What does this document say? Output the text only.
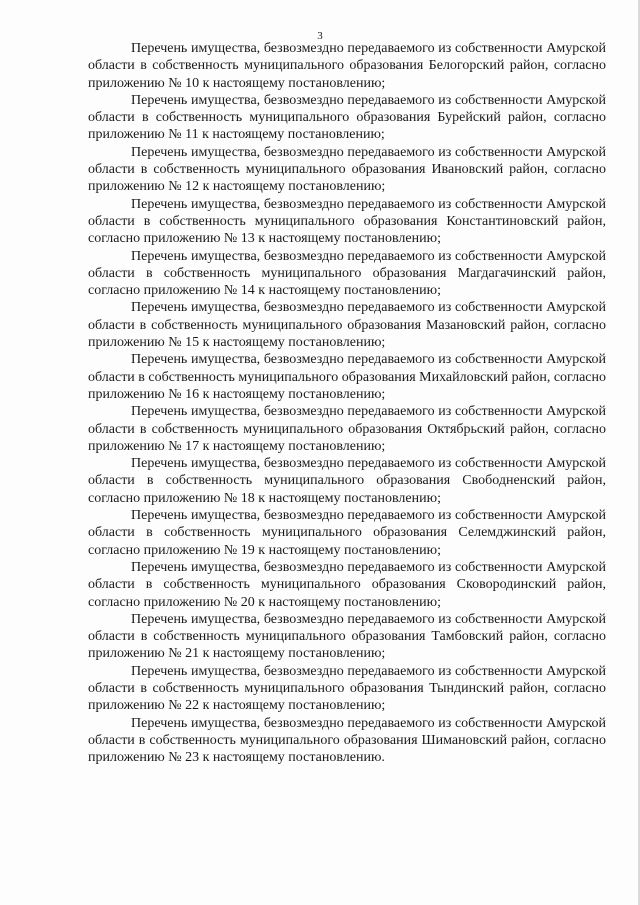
3

Перечень имущества, безвозмездно передаваемого из собственности Амурской области в собственность муниципального образования Белогорский район, согласно приложению № 10 к настоящему постановлению;

Перечень имущества, безвозмездно передаваемого из собственности Амурской области в собственность муниципального образования Бурейский район, согласно приложению № 11 к настоящему постановлению;

Перечень имущества, безвозмездно передаваемого из собственности Амурской области в собственность муниципального образования Ивановский район, согласно приложению № 12 к настоящему постановлению;

Перечень имущества, безвозмездно передаваемого из собственности Амурской области в собственность муниципального образования Константиновский район, согласно приложению № 13 к настоящему постановлению;

Перечень имущества, безвозмездно передаваемого из собственности Амурской области в собственность муниципального образования Магдагачинский район, согласно приложению № 14 к настоящему постановлению;

Перечень имущества, безвозмездно передаваемого из собственности Амурской области в собственность муниципального образования Мазановский район, согласно приложению № 15 к настоящему постановлению;

Перечень имущества, безвозмездно передаваемого из собственности Амурской области в собственность муниципального образования Михайловский район, согласно приложению № 16 к настоящему постановлению;

Перечень имущества, безвозмездно передаваемого из собственности Амурской области в собственность муниципального образования Октябрьский район, согласно приложению № 17 к настоящему постановлению;

Перечень имущества, безвозмездно передаваемого из собственности Амурской области в собственность муниципального образования Свободненский район, согласно приложению № 18 к настоящему постановлению;

Перечень имущества, безвозмездно передаваемого из собственности Амурской области в собственность муниципального образования Селемджинский район, согласно приложению № 19 к настоящему постановлению;

Перечень имущества, безвозмездно передаваемого из собственности Амурской области в собственность муниципального образования Сковородинский район, согласно приложению № 20 к настоящему постановлению;

Перечень имущества, безвозмездно передаваемого из собственности Амурской области в собственность муниципального образования Тамбовский район, согласно приложению № 21 к настоящему постановлению;

Перечень имущества, безвозмездно передаваемого из собственности Амурской области в собственность муниципального образования Тындинский район, согласно приложению № 22 к настоящему постановлению;

Перечень имущества, безвозмездно передаваемого из собственности Амурской области в собственность муниципального образования Шимановский район, согласно приложению № 23 к настоящему постановлению.
